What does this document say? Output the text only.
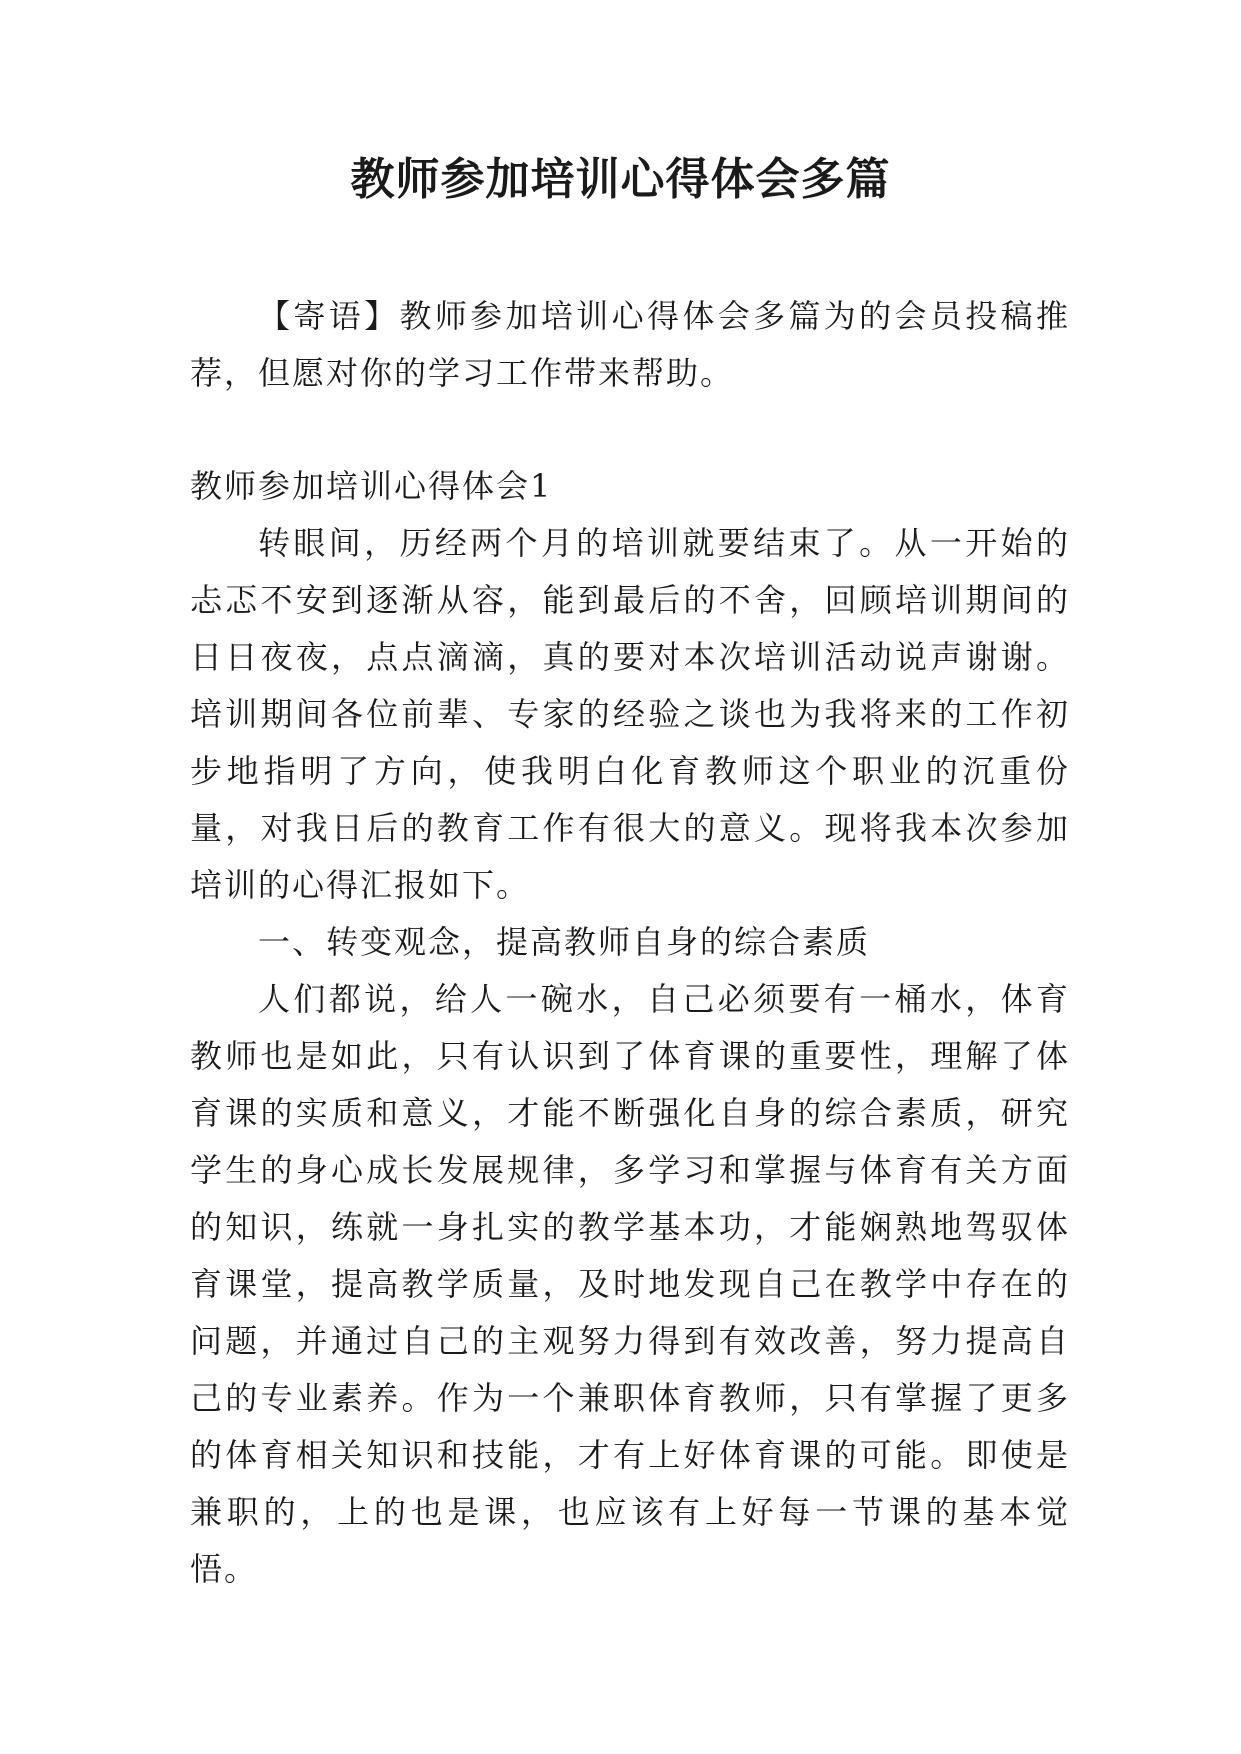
教师参加培训心得体会多篇

【寄语】教师参加培训心得体会多篇为的会员投稿推荐，但愿对你的学习工作带来帮助。

教师参加培训心得体会1

转眼间，历经两个月的培训就要结束了。从一开始的忐忑不安到逐渐从容，能到最后的不舍，回顾培训期间的日日夜夜，点点滴滴，真的要对本次培训活动说声谢谢。培训期间各位前辈、专家的经验之谈也为我将来的工作初步地指明了方向，使我明白化育教师这个职业的沉重份量，对我日后的教育工作有很大的意义。现将我本次参加培训的心得汇报如下。

一、转变观念，提高教师自身的综合素质

人们都说，给人一碗水，自己必须要有一桶水，体育教师也是如此，只有认识到了体育课的重要性，理解了体育课的实质和意义，才能不断强化自身的综合素质，研究学生的身心成长发展规律，多学习和掌握与体育有关方面的知识，练就一身扎实的教学基本功，才能娴熟地驾驭体育课堂，提高教学质量，及时地发现自己在教学中存在的问题，并通过自己的主观努力得到有效改善，努力提高自己的专业素养。作为一个兼职体育教师，只有掌握了更多的体育相关知识和技能，才有上好体育课的可能。即使是兼职的，上的也是课，也应该有上好每一节课的基本觉悟。
